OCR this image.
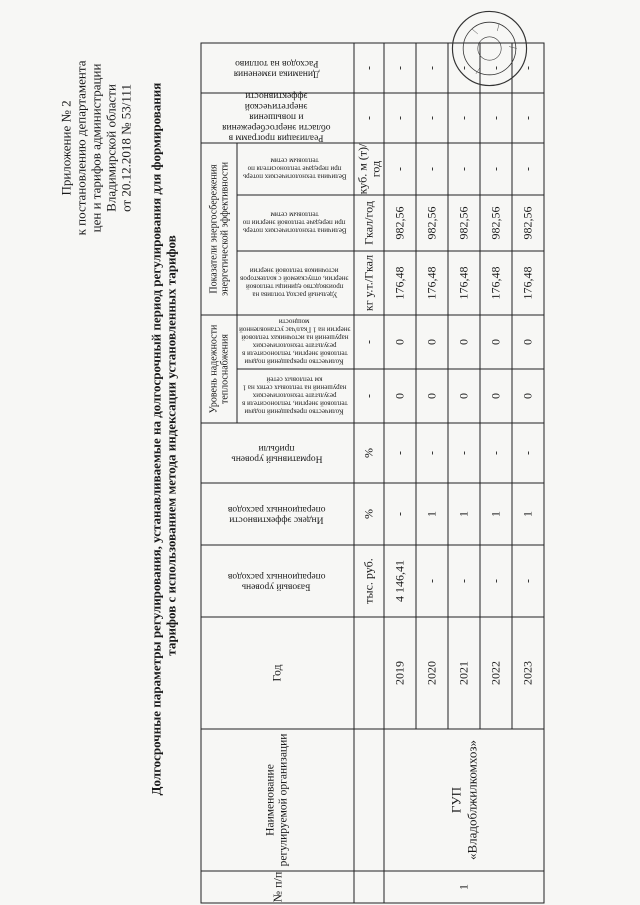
Приложение № 2 к постановлению департамента цен и тарифов администрации Владимирской области от 20.12.2018 № 53/111 Долгосрочные параметры регулирования, устанавливаемые на долгосрочный период регулирования для формирования тарифов с использованием метода индексации установленных тарифов
№ п/п	Наименование регулируемой организации	Год	Базовый уровень операционных расходов	Индекс эффективности операционных расходов	Нормативный уровень прибыли	Уровень надежности теплоснабжения		Показатели энергосбережения энергетической эффективности			Реализация программ в области энергосбережения и повышения энергетической эффективности	Динамика изменения Расходов на топливо
						Количество прекращений подачи тепловой энергии, теплоносителя в результате технологических нарушений на тепловых сетях на 1 км тепловых сетей	Количество прекращений подачи тепловой энергии, теплоносителя в результате технологических нарушений на источниках тепловой энергии на 1 Гкал/час установленной мощности	Удельный расход топлива на производство единицы тепловой энергии, отпускаемой с коллекторов источников тепловой энергии	Величина технологических потерь при передаче тепловой энергии по тепловым сетям	Величина технологических потерь при передаче теплоносителя по тепловым сетям		
			тыс. руб.	%	%	-	-	кг у.т./Гкал	Гкал/год	куб. м (т)/год	-	-
1	ГУП «Владоблжилкомхоз»	2019	4 146,41	-	-	0	0	176,48	982,56	-	-	-
		2020	-	1	-	0	0	176,48	982,56	-	-	-
		2021	-	1	-	0	0	176,48	982,56	-	-	-
		2022	-	1	-	0	0	176,48	982,56	-	-	-
		2023	-	1	-	0	0	176,48	982,56	-	-	-
